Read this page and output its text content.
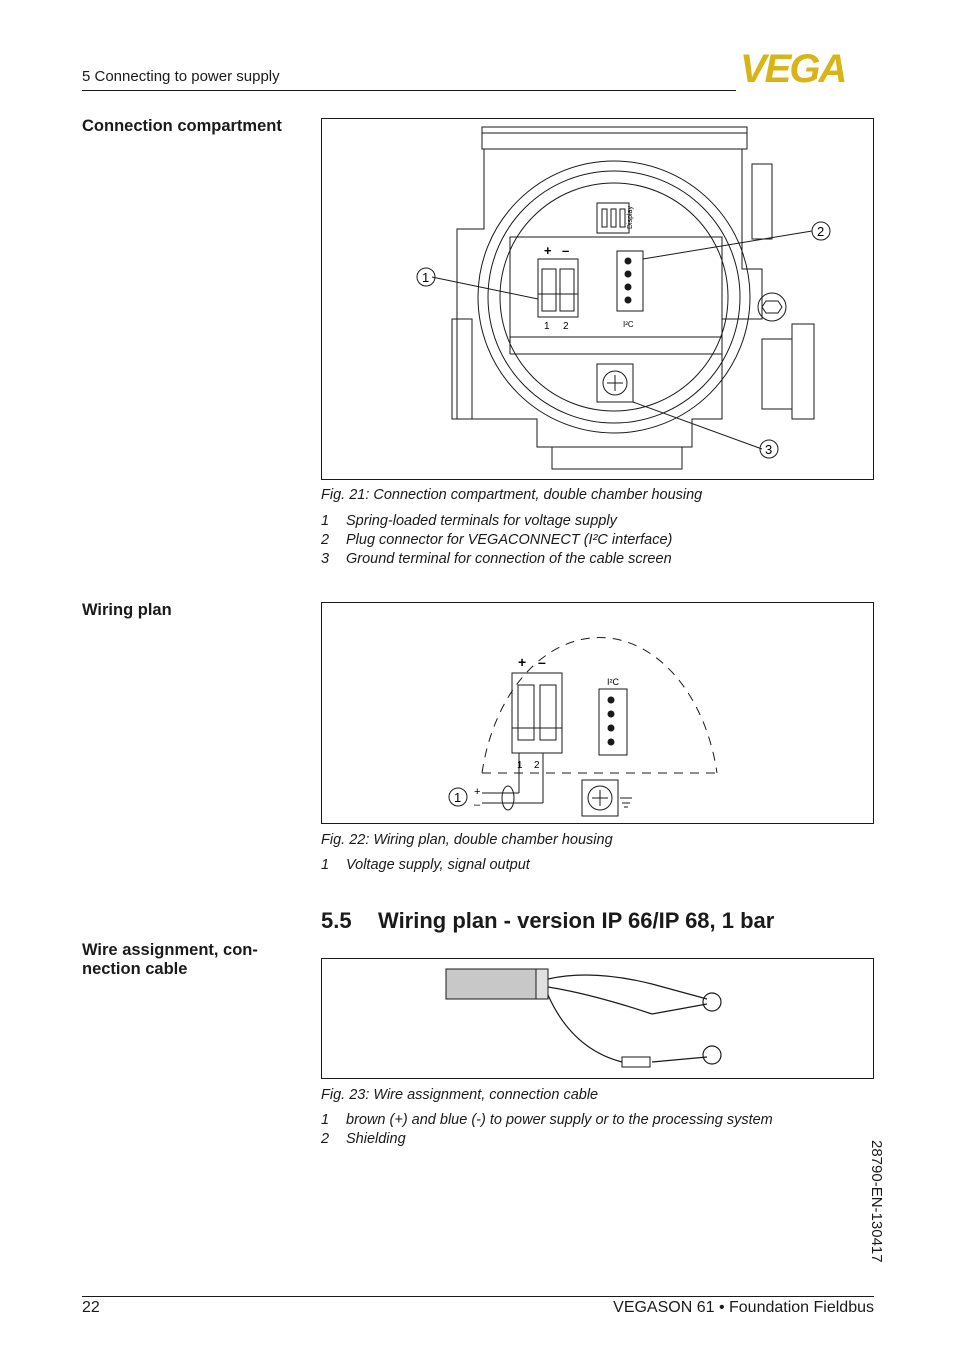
5 Connecting to power supply	VEGA
Connection compartment
Wiring plan
Wire assignment, con-
nection cable
Display
+ –
1 2	I²C
1
2
3
Fig. 21: Connection compartment, double chamber housing
1 Spring-loaded terminals for voltage supply
2 Plug connector for VEGACONNECT (I²C interface)
3 Ground terminal for connection of the cable screen
+ –
1 2
I²C
+
–
1
Fig. 22: Wiring plan, double chamber housing
1 Voltage supply, signal output
5.5 Wiring plan - version IP 66/IP 68, 1 bar
Fig. 23: Wire assignment, connection cable
1 brown (+) and blue (-) to power supply or to the processing system
2 Shielding
28790-EN-130417
22	VEGASON 61 • Foundation Fieldbus
